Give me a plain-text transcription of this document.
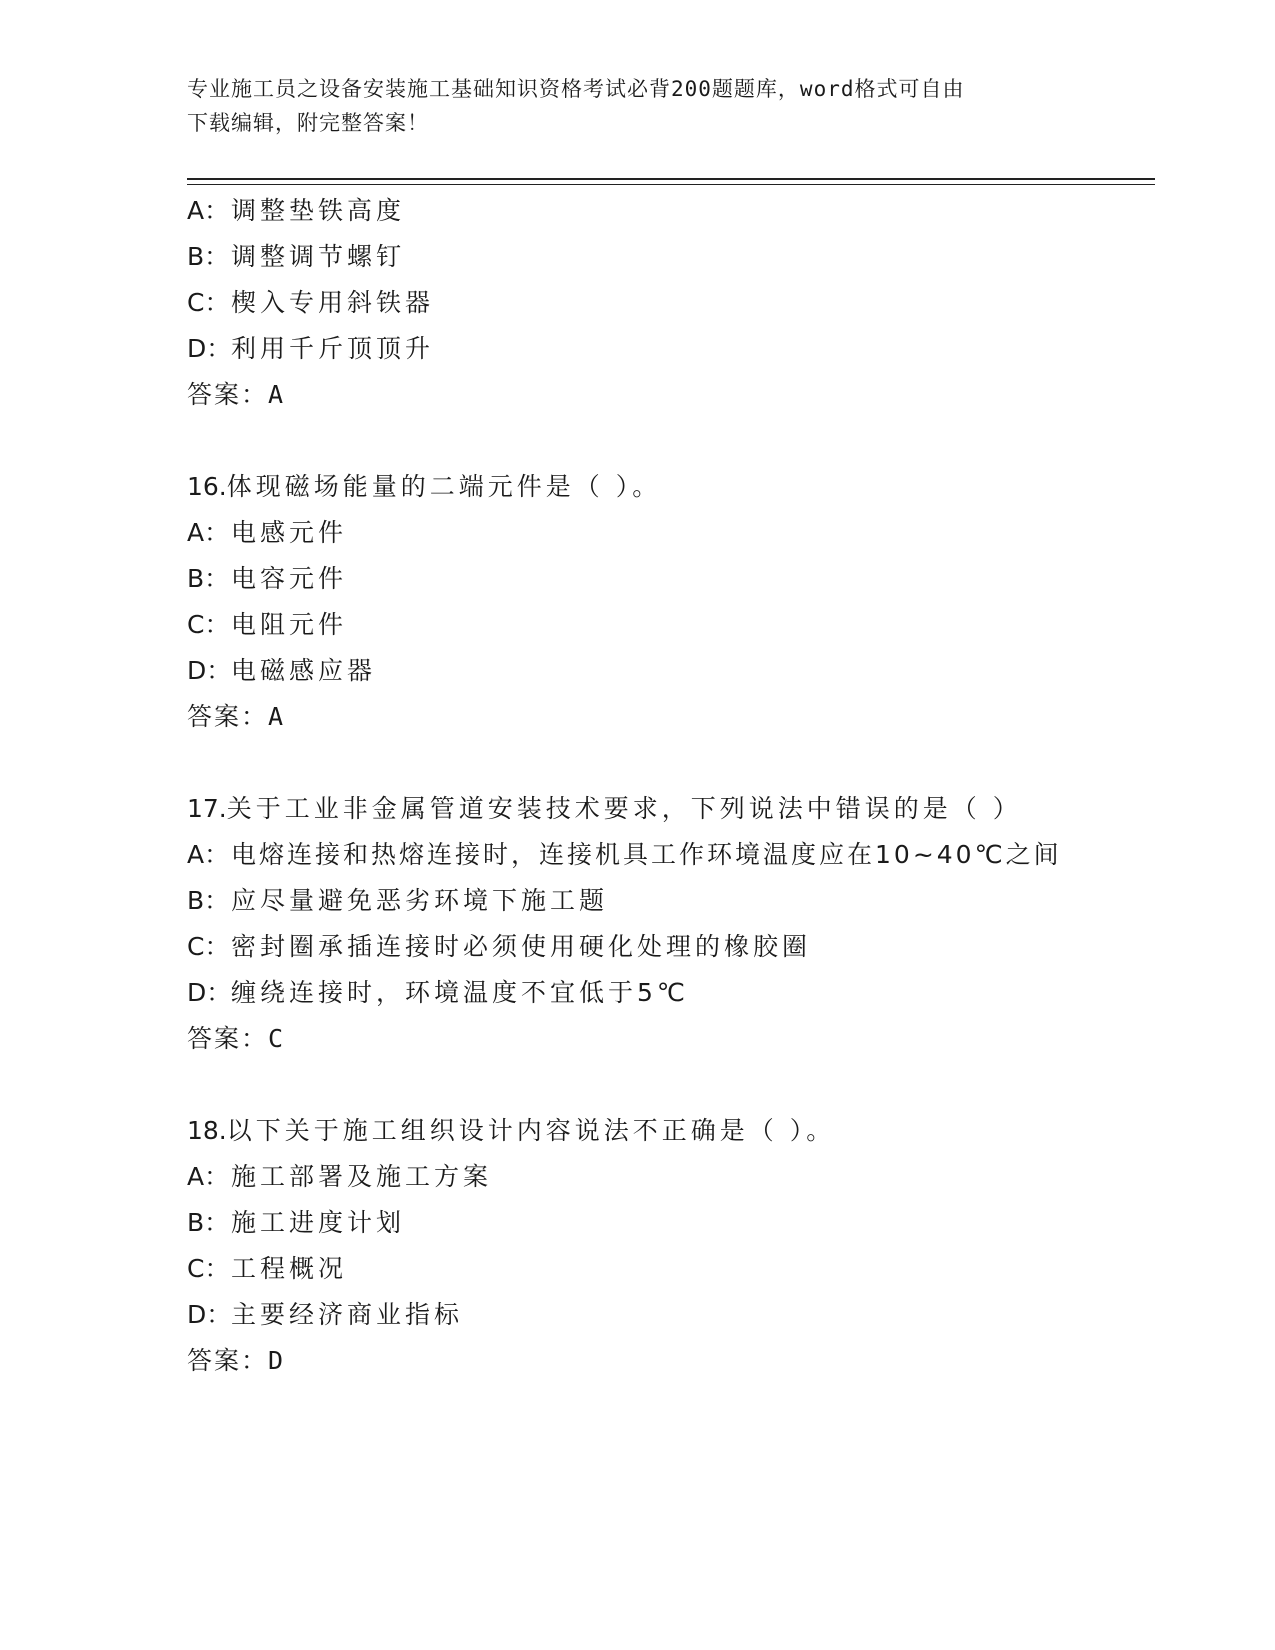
专业施工员之设备安装施工基础知识资格考试必背200题题库，word格式可自由
下载编辑，附完整答案！
A：调整垫铁高度
B：调整调节螺钉
C：楔入专用斜铁器
D：利用千斤顶顶升
答案：A
16.体现磁场能量的二端元件是（ ）。
A：电感元件
B：电容元件
C：电阻元件
D：电磁感应器
答案：A
17.关于工业非金属管道安装技术要求，下列说法中错误的是（ ）
A：电熔连接和热熔连接时，连接机具工作环境温度应在10~40℃之间
B：应尽量避免恶劣环境下施工题
C：密封圈承插连接时必须使用硬化处理的橡胶圈
D：缠绕连接时，环境温度不宜低于5℃
答案：C
18.以下关于施工组织设计内容说法不正确是（ ）。
A：施工部署及施工方案
B：施工进度计划
C：工程概况
D：主要经济商业指标
答案：D
